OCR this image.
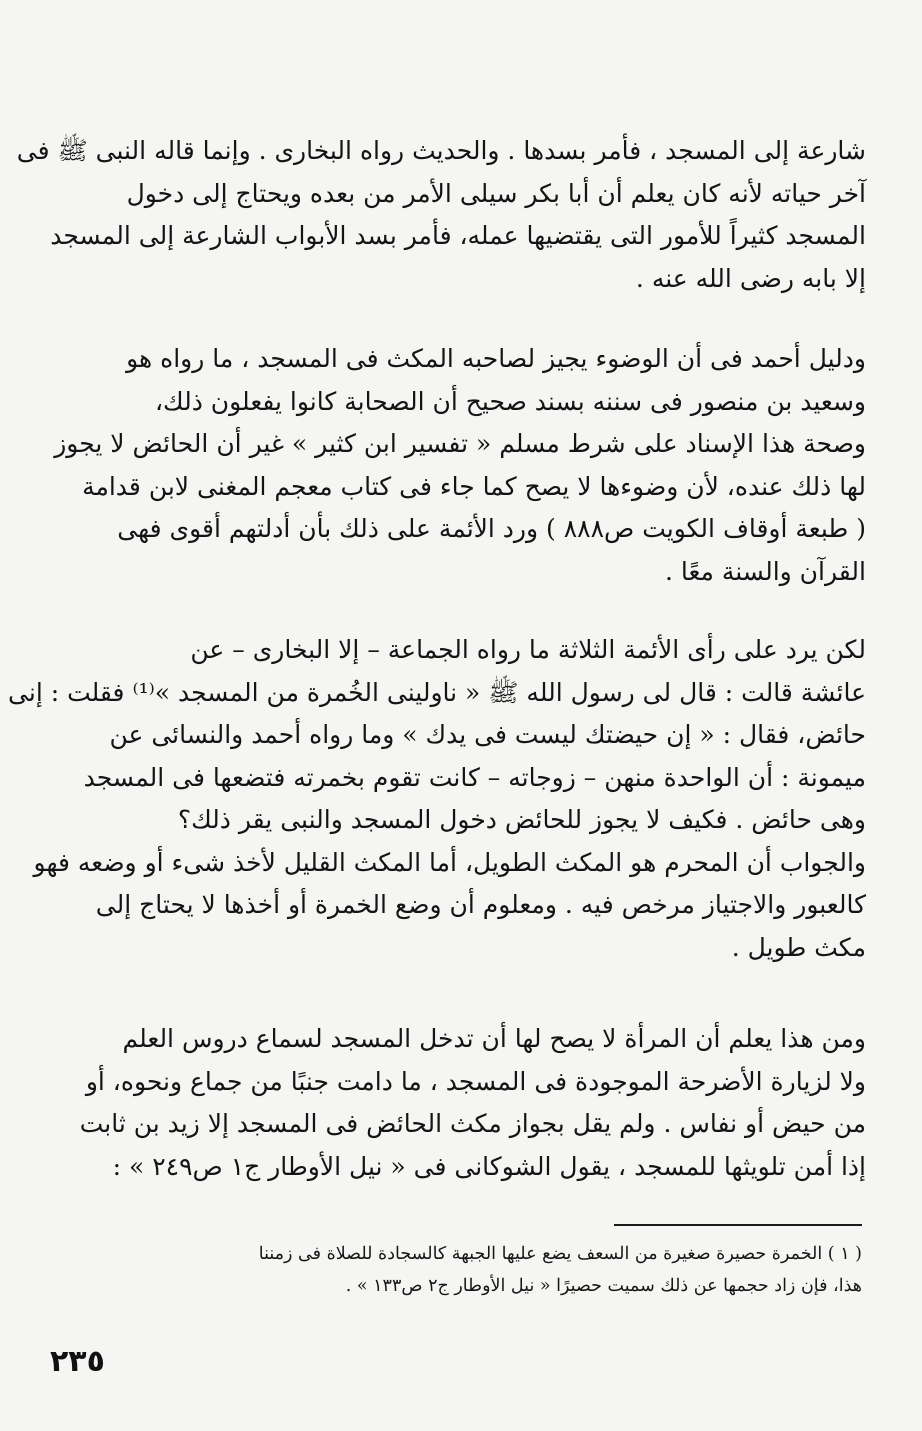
شارعة إلى المسجد ، فأمر بسدها . والحديث رواه البخارى . وإنما قاله النبى ﷺ فى
آخر حياته لأنه كان يعلم أن أبا بكر سيلى الأمر من بعده ويحتاج إلى دخول
المسجد كثيراً للأمور التى يقتضيها عمله، فأمر بسد الأبواب الشارعة إلى المسجد
إلا بابه رضى الله عنه .
ودليل أحمد فى أن الوضوء يجيز لصاحبه المكث فى المسجد ، ما رواه هو
وسعيد بن منصور فى سننه بسند صحيح أن الصحابة كانوا يفعلون ذلك،
وصحة هذا الإسناد على شرط مسلم « تفسير ابن كثير » غير أن الحائض لا يجوز
لها ذلك عنده، لأن وضوءها لا يصح كما جاء فى كتاب معجم المغنى لابن قدامة
( طبعة أوقاف الكويت ص٨٨٨ ) ورد الأئمة على ذلك بأن أدلتهم أقوى فهى
القرآن والسنة معًا .
لكن يرد على رأى الأئمة الثلاثة ما رواه الجماعة – إلا البخارى – عن
عائشة قالت : قال لى رسول الله ﷺ « ناولينى الخُمرة من المسجد »⁽¹⁾ فقلت : إنى
حائض، فقال : « إن حيضتك ليست فى يدك » وما رواه أحمد والنسائى عن
ميمونة : أن الواحدة منهن – زوجاته – كانت تقوم بخمرته فتضعها فى المسجد
وهى حائض . فكيف لا يجوز للحائض دخول المسجد والنبى يقر ذلك؟
والجواب أن المحرم هو المكث الطويل، أما المكث القليل لأخذ شىء أو وضعه فهو
كالعبور والاجتياز مرخص فيه . ومعلوم أن وضع الخمرة أو أخذها لا يحتاج إلى
مكث طويل .
ومن هذا يعلم أن المرأة لا يصح لها أن تدخل المسجد لسماع دروس العلم
ولا لزيارة الأضرحة الموجودة فى المسجد ، ما دامت جنبًا من جماع ونحوه، أو
من حيض أو نفاس . ولم يقل بجواز مكث الحائض فى المسجد إلا زيد بن ثابت
إذا أمن تلويثها للمسجد ، يقول الشوكانى فى « نيل الأوطار ج١ ص٢٤٩ » :
( ١ ) الخمرة حصيرة صغيرة من السعف يضع عليها الجبهة كالسجادة للصلاة فى زمننا
هذا، فإن زاد حجمها عن ذلك سميت حصيرًا « نيل الأوطار ج٢ ص١٣٣ » .
٢٣٥
